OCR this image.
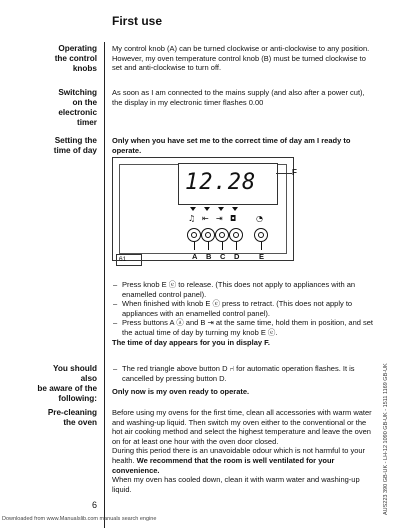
First use
Operating
the control
knobs

My control knob (A) can be turned clockwise or anti-clockwise to any position. However, my oven temperature control knob (B) must be turned clockwise to set and anti-clockwise to turn off.

Switching
on the
electronic
timer

As soon as I am connected to the mains supply (and also after a power cut), the display in my electronic timer flashes 0.00

Setting the
time of day

Only when you have set me to the correct time of day am I ready to operate.

12.28	F
♫ ⇤ ⇥ ◘ ◔
A B C D	E
61
– Press knob E ⓔ to release. (This does not apply to appliances with an enamelled control panel).
– When finished with knob E ⓔ press to retract. (This does not apply to appliances with an enamelled control panel).
– Press buttons A ⓐ and B ⇥ at the same time, hold them in position, and set the actual time of day by turning my knob E ⓔ.

The time of day appears for you in display F.

You should
also
be aware of the
following:
– The red triangle above button D ⑁ for automatic operation flashes. It is cancelled by pressing button D.

Only now is my oven ready to operate.

Pre-cleaning
the oven

Before using my ovens for the first time, clean all accessories with warm water and washing-up liquid. Then switch my oven either to the conventional or the hot air cooking method and select the highest temperature and leave the oven on for at least one hour with the oven door closed.

During this period there is an unavoidable odour which is not harmful to your health. We recommend that the room is well ventilated for your convenience.

When my oven has cooled down, clean it with warm water and washing-up liquid.

6	AUS223 390 GB-UK - LH-12 1090 GB-UK - 1511 1169 GB-UK
Downloaded from www.Manualslib.com manuals search engine
